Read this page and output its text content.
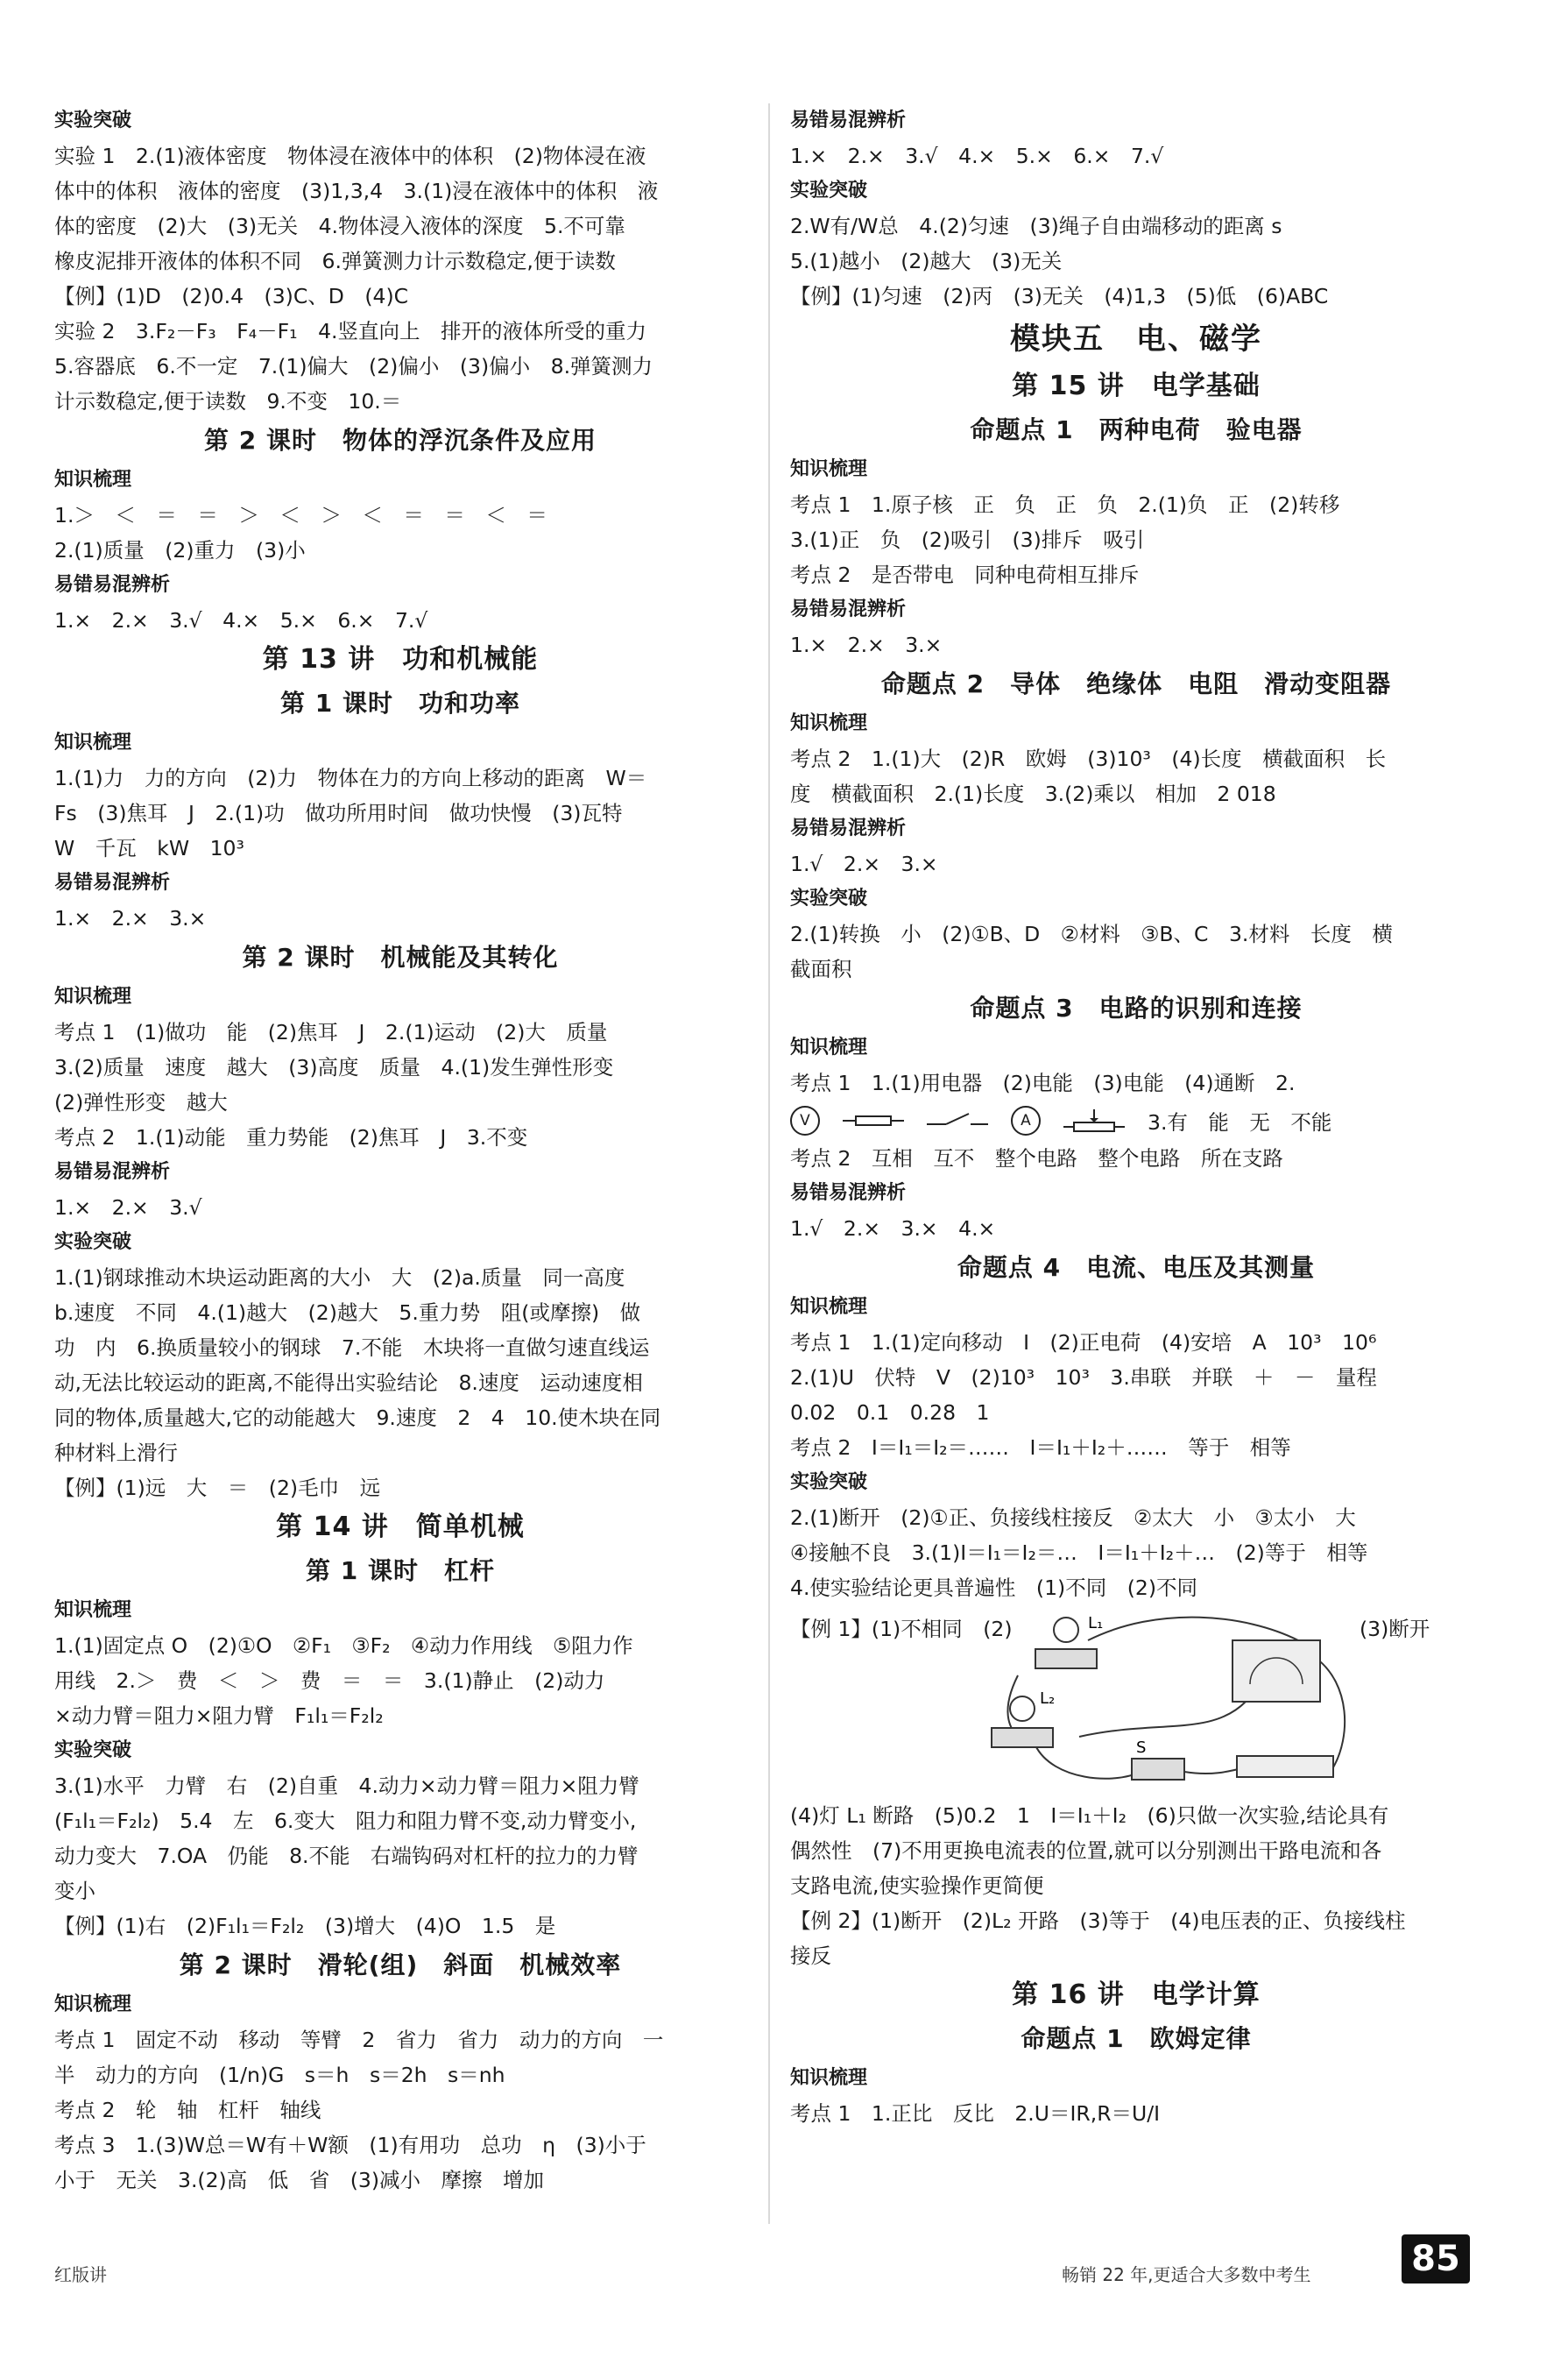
实验突破
实验 1　2.(1)液体密度　物体浸在液体中的体积　(2)物体浸在液
体中的体积　液体的密度　(3)1,3,4　3.(1)浸在液体中的体积　液
体的密度　(2)大　(3)无关　4.物体浸入液体的深度　5.不可靠
橡皮泥排开液体的体积不同　6.弹簧测力计示数稳定,便于读数
【例】(1)D　(2)0.4　(3)C、D　(4)C
实验 2　3.F₂－F₃　F₄－F₁　4.竖直向上　排开的液体所受的重力
5.容器底　6.不一定　7.(1)偏大　(2)偏小　(3)偏小　8.弹簧测力
计示数稳定,便于读数　9.不变　10.＝
第 2 课时　物体的浮沉条件及应用
知识梳理
1.＞　＜　＝　＝　＞　＜　＞　＜　＝　＝　＜　＝
2.(1)质量　(2)重力　(3)小
易错易混辨析
1.×　2.×　3.√　4.×　5.×　6.×　7.√
第 13 讲　功和机械能
第 1 课时　功和功率
知识梳理
1.(1)力　力的方向　(2)力　物体在力的方向上移动的距离　W＝
Fs　(3)焦耳　J　2.(1)功　做功所用时间　做功快慢　(3)瓦特
W　千瓦　kW　10³
易错易混辨析
1.×　2.×　3.×
第 2 课时　机械能及其转化
知识梳理
考点 1　(1)做功　能　(2)焦耳　J　2.(1)运动　(2)大　质量
3.(2)质量　速度　越大　(3)高度　质量　4.(1)发生弹性形变
(2)弹性形变　越大
考点 2　1.(1)动能　重力势能　(2)焦耳　J　3.不变
易错易混辨析
1.×　2.×　3.√
实验突破
1.(1)钢球推动木块运动距离的大小　大　(2)a.质量　同一高度
b.速度　不同　4.(1)越大　(2)越大　5.重力势　阻(或摩擦)　做
功　内　6.换质量较小的钢球　7.不能　木块将一直做匀速直线运
动,无法比较运动的距离,不能得出实验结论　8.速度　运动速度相
同的物体,质量越大,它的动能越大　9.速度　2　4　10.使木块在同
种材料上滑行
【例】(1)远　大　＝　(2)毛巾　远
第 14 讲　简单机械
第 1 课时　杠杆
知识梳理
1.(1)固定点 O　(2)①O　②F₁　③F₂　④动力作用线　⑤阻力作
用线　2.＞　费　＜　＞　费　＝　＝　3.(1)静止　(2)动力
×动力臂＝阻力×阻力臂　F₁l₁＝F₂l₂
实验突破
3.(1)水平　力臂　右　(2)自重　4.动力×动力臂＝阻力×阻力臂
(F₁l₁＝F₂l₂)　5.4　左　6.变大　阻力和阻力臂不变,动力臂变小,
动力变大　7.OA　仍能　8.不能　右端钩码对杠杆的拉力的力臂
变小
【例】(1)右　(2)F₁l₁＝F₂l₂　(3)增大　(4)O　1.5　是
第 2 课时　滑轮(组)　斜面　机械效率
知识梳理
考点 1　固定不动　移动　等臂　2　省力　省力　动力的方向　一
半　动力的方向　(1/n)G　s＝h　s＝2h　s＝nh
考点 2　轮　轴　杠杆　轴线
考点 3　1.(3)W总＝W有＋W额　(1)有用功　总功　η　(3)小于
小于　无关　3.(2)高　低　省　(3)减小　摩擦　增加
易错易混辨析
1.×　2.×　3.√　4.×　5.×　6.×　7.√
实验突破
2.W有/W总　4.(2)匀速　(3)绳子自由端移动的距离 s
5.(1)越小　(2)越大　(3)无关
【例】(1)匀速　(2)丙　(3)无关　(4)1,3　(5)低　(6)ABC
模块五　电、磁学
第 15 讲　电学基础
命题点 1　两种电荷　验电器
知识梳理
考点 1　1.原子核　正　负　正　负　2.(1)负　正　(2)转移
3.(1)正　负　(2)吸引　(3)排斥　吸引
考点 2　是否带电　同种电荷相互排斥
易错易混辨析
1.×　2.×　3.×
命题点 2　导体　绝缘体　电阻　滑动变阻器
知识梳理
考点 2　1.(1)大　(2)R　欧姆　(3)10³　(4)长度　横截面积　长
度　横截面积　2.(1)长度　3.(2)乘以　相加　2 018
易错易混辨析
1.√　2.×　3.×
实验突破
2.(1)转换　小　(2)①B、D　②材料　③B、C　3.材料　长度　横
截面积
命题点 3　电路的识别和连接
知识梳理
考点 1　1.(1)用电器　(2)电能　(3)电能　(4)通断　2.
V	A	3.有　能　无　不能
考点 2　互相　互不　整个电路　整个电路　所在支路
易错易混辨析
1.√　2.×　3.×　4.×
命题点 4　电流、电压及其测量
知识梳理
考点 1　1.(1)定向移动　I　(2)正电荷　(4)安培　A　10³　10⁶
2.(1)U　伏特　V　(2)10³　10³　3.串联　并联　＋　－　量程
0.02　0.1　0.28　1
考点 2　I＝I₁＝I₂＝……　I＝I₁＋I₂＋……　等于　相等
实验突破
2.(1)断开　(2)①正、负接线柱接反　②太大　小　③太小　大
④接触不良　3.(1)I＝I₁＝I₂＝…　I＝I₁＋I₂＋…　(2)等于　相等
4.使实验结论更具普遍性　(1)不同　(2)不同
【例 1】(1)不相同　(2)	(3)断开
L₁
L₂
S
(4)灯 L₁ 断路　(5)0.2　1　I＝I₁＋I₂　(6)只做一次实验,结论具有
偶然性　(7)不用更换电流表的位置,就可以分别测出干路电流和各
支路电流,使实验操作更简便
【例 2】(1)断开　(2)L₂ 开路　(3)等于　(4)电压表的正、负接线柱
接反
第 16 讲　电学计算
命题点 1　欧姆定律
知识梳理
考点 1　1.正比　反比　2.U＝IR,R＝U/I
红版讲	畅销 22 年,更适合大多数中考生	85
